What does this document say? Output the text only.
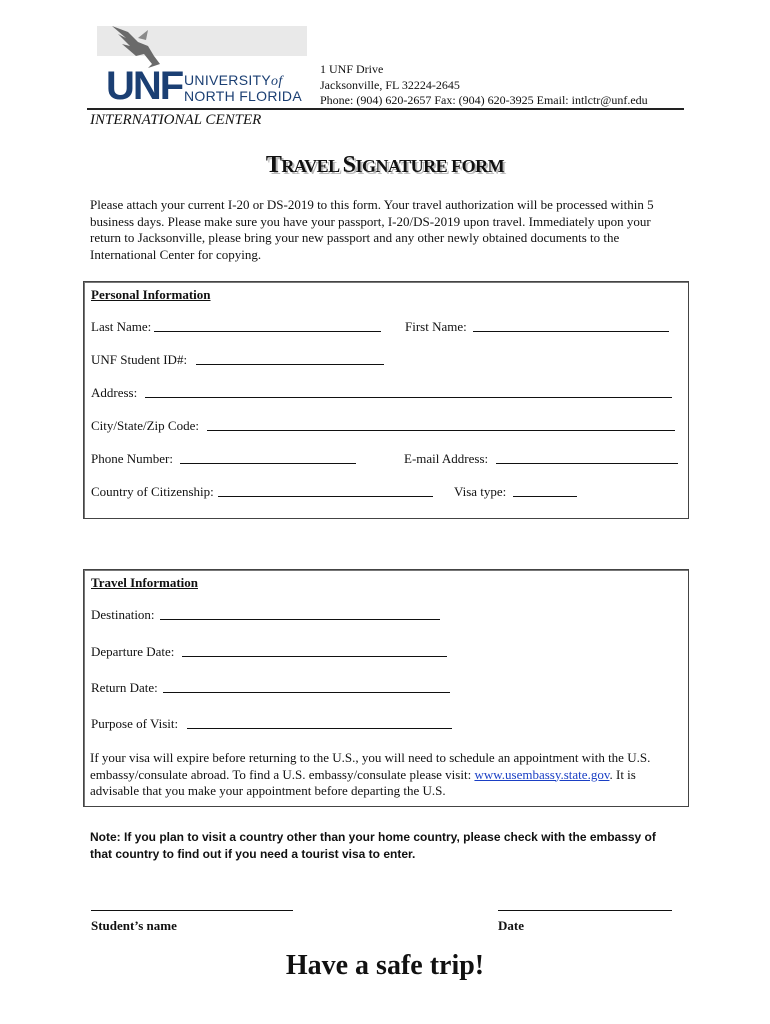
UNF UNIVERSITYof
NORTH FLORIDA
1 UNF Drive
Jacksonville, FL 32224-2645
Phone: (904) 620-2657 Fax: (904) 620-3925 Email: intlctr@unf.edu
INTERNATIONAL CENTER
TRAVEL SIGNATURE FORM
Please attach your current I-20 or DS-2019 to this form. Your travel authorization will be processed within 5 business days. Please make sure you have your passport, I-20/DS-2019 upon travel. Immediately upon your return to Jacksonville, please bring your new passport and any other newly obtained documents to the International Center for copying.
Personal Information
Last Name:	First Name:
UNF Student ID#:
Address:
City/State/Zip Code:
Phone Number:	E-mail Address:
Country of Citizenship:	Visa type:
Travel Information
Destination:
Departure Date:
Return Date:
Purpose of Visit:
If your visa will expire before returning to the U.S., you will need to schedule an appointment with the U.S. embassy/consulate abroad. To find a U.S. embassy/consulate please visit: www.usembassy.state.gov. It is advisable that you make your appointment before departing the U.S.
Note: If you plan to visit a country other than your home country, please check with the embassy of that country to find out if you need a tourist visa to enter.
Student’s name	Date
Have a safe trip!
